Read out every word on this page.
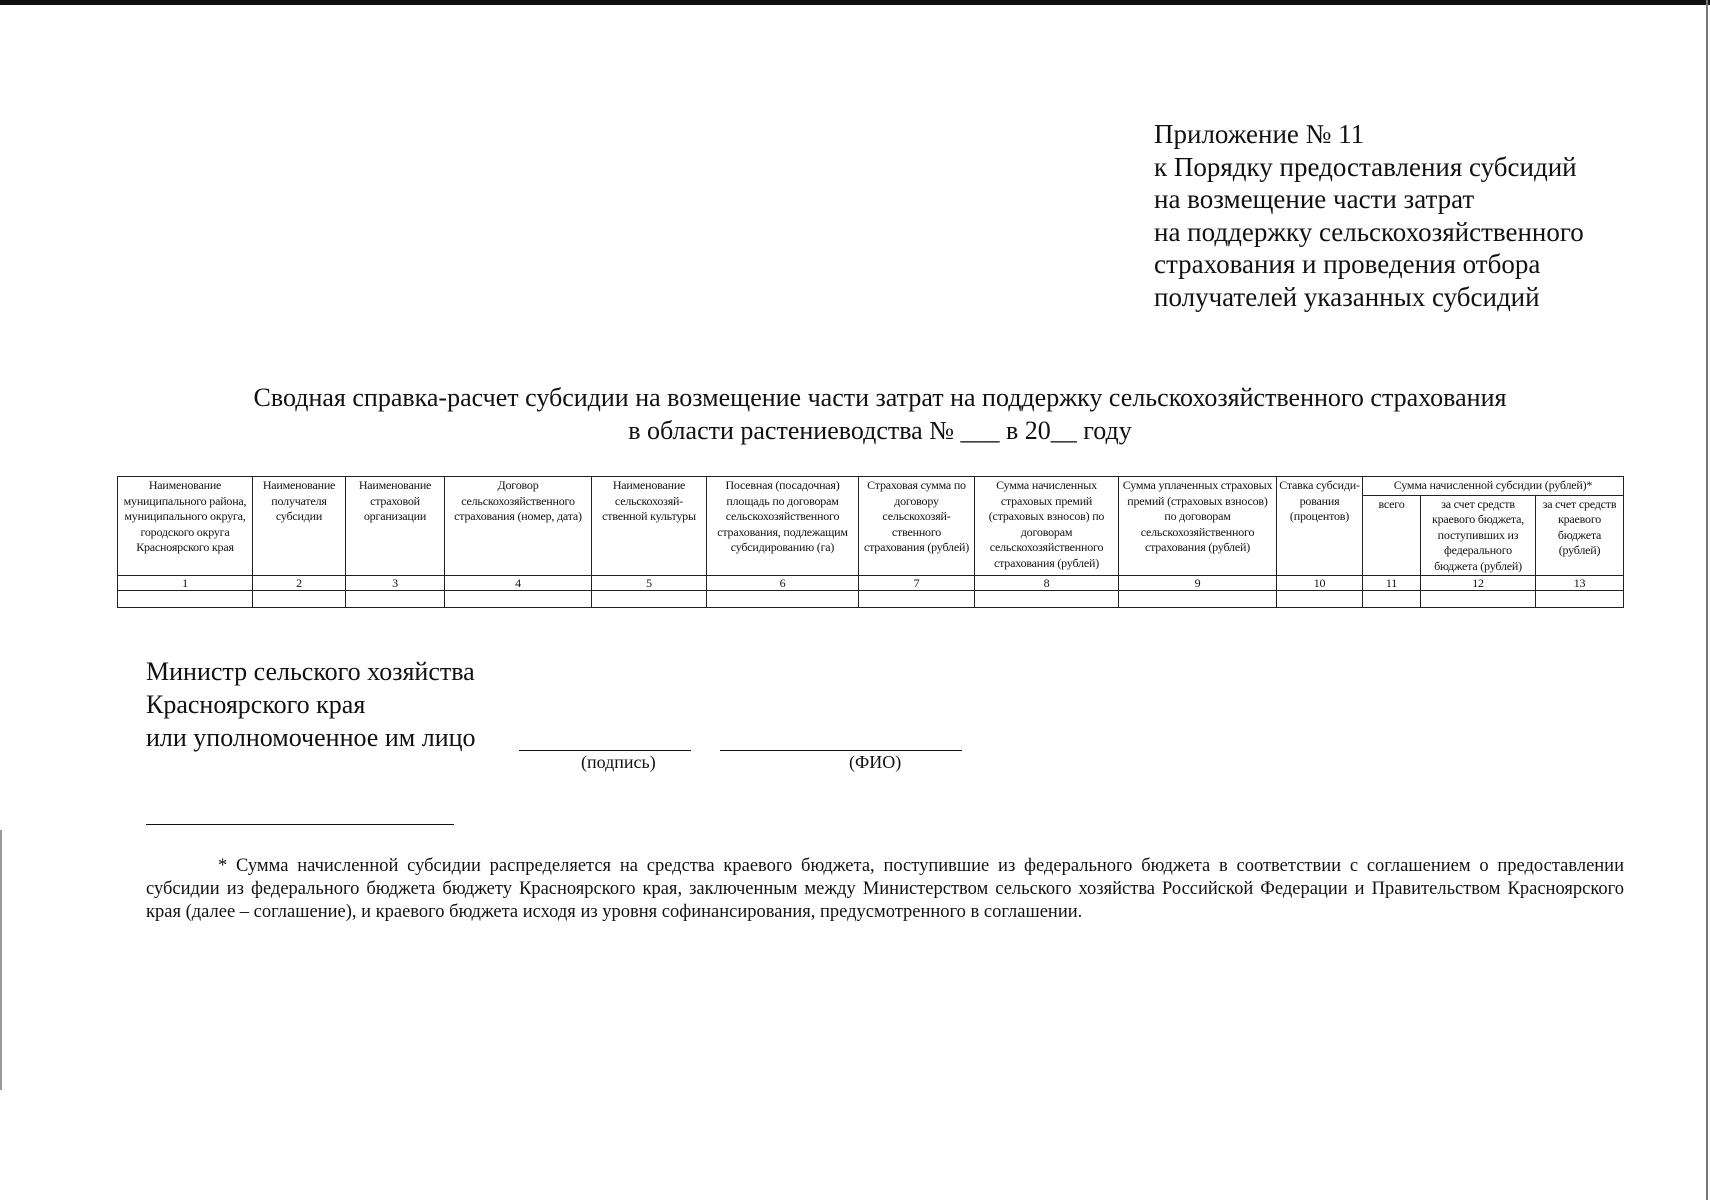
Приложение № 11
к Порядку предоставления субсидий
на возмещение части затрат
на поддержку сельскохозяйственного
страхования и проведения отбора
получателей указанных субсидий
Сводная справка-расчет субсидии на возмещение части затрат на поддержку сельскохозяйственного страхования
в области растениеводства № ___ в 20__ году
Наименование муниципального района, муниципального округа, городского округа Красноярского края	Наименование получателя субсидии	Наименование страховой организации	Договор сельскохозяйственного страхования (номер, дата)	Наименование сельскохозяй-ственной культуры	Посевная (посадочная) площадь по договорам сельскохозяйственного страхования, подлежащим субсидированию (га)	Страховая сумма по договору сельскохозяй-ственного страхования (рублей)	Сумма начисленных страховых премий (страховых взносов) по договорам сельскохозяйственного страхования (рублей)	Сумма уплаченных страховых премий (страховых взносов) по договорам сельскохозяйственного страхования (рублей)	Ставка субсиди-рования (процентов)	Сумма начисленной субсидии (рублей)*		
										всего	за счет средств краевого бюджета, поступивших из федерального бюджета (рублей)	за счет средств краевого бюджета (рублей)
1	2	3	4	5	6	7	8	9	10	11	12	13

Министр сельского хозяйства
Красноярского края
или уполномоченное им лицо
(подпись)	(ФИО)
* Сумма начисленной субсидии распределяется на средства краевого бюджета, поступившие из федерального бюджета в соответствии с соглашением о предоставлении субсидии из федерального бюджета бюджету Красноярского края, заключенным между Министерством сельского хозяйства Российской Федерации и Правительством Красноярского края (далее – соглашение), и краевого бюджета исходя из уровня софинансирования, предусмотренного в соглашении.
